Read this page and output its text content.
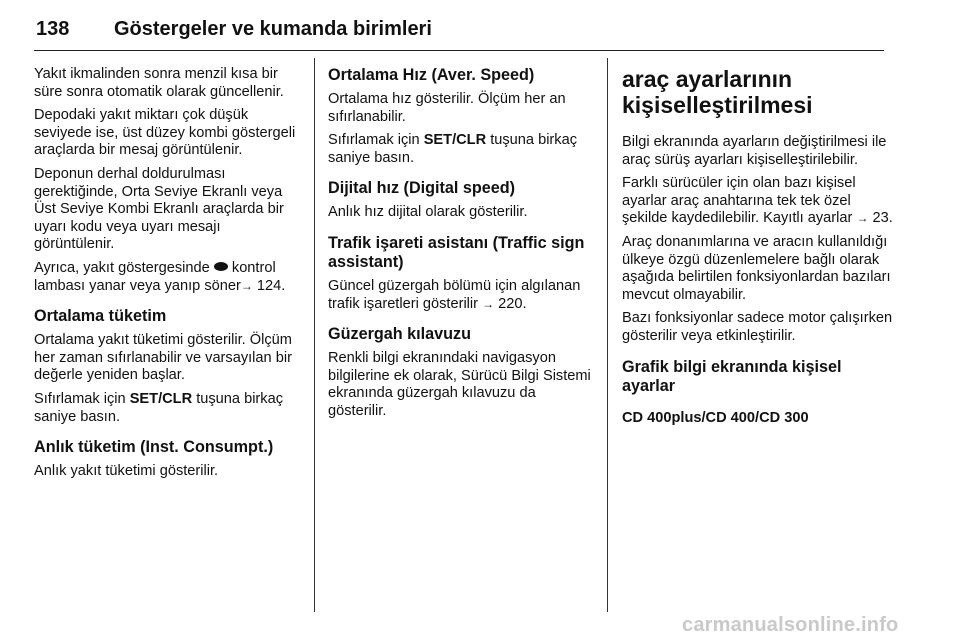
138 Göstergeler ve kumanda birimleri

Yakıt ikmalinden sonra menzil kısa bir süre sonra otomatik olarak güncellenir.

Depodaki yakıt miktarı çok düşük seviyede ise, üst düzey kombi göstergeli araçlarda bir mesaj görüntülenir.

Deponun derhal doldurulması gerektiğinde, Orta Seviye Ekranlı veya Üst Seviye Kombi Ekranlı araçlarda bir uyarı kodu veya uyarı mesajı görüntülenir.

Ayrıca, yakıt göstergesinde kontrol lambası yanar veya yanıp söner→ 124.

Ortalama tüketim

Ortalama yakıt tüketimi gösterilir. Ölçüm her zaman sıfırlanabilir ve varsayılan bir değerle yeniden başlar.

Sıfırlamak için SET/CLR tuşuna birkaç saniye basın.

Anlık tüketim (Inst. Consumpt.)

Anlık yakıt tüketimi gösterilir.

Ortalama Hız (Aver. Speed)

Ortalama hız gösterilir. Ölçüm her an sıfırlanabilir.

Sıfırlamak için SET/CLR tuşuna birkaç saniye basın.

Dijital hız (Digital speed)

Anlık hız dijital olarak gösterilir.

Trafik işareti asistanı (Traffic sign assistant)

Güncel güzergah bölümü için algılanan trafik işaretleri gösterilir → 220.

Güzergah kılavuzu

Renkli bilgi ekranındaki navigasyon bilgilerine ek olarak, Sürücü Bilgi Sistemi ekranında güzergah kılavuzu da gösterilir.

araç ayarlarının kişiselleştirilmesi

Bilgi ekranında ayarların değiştirilmesi ile araç sürüş ayarları kişiselleştirilebilir.

Farklı sürücüler için olan bazı kişisel ayarlar araç anahtarına tek tek özel şekilde kaydedilebilir. Kayıtlı ayarlar → 23.

Araç donanımlarına ve aracın kullanıldığı ülkeye özgü düzenlemelere bağlı olarak aşağıda belirtilen fonksiyonlardan bazıları mevcut olmayabilir.

Bazı fonksiyonlar sadece motor çalışırken gösterilir veya etkinleştirilir.

Grafik bilgi ekranında kişisel ayarlar
CD 400plus/CD 400/CD 300
carmanualsonline.info
